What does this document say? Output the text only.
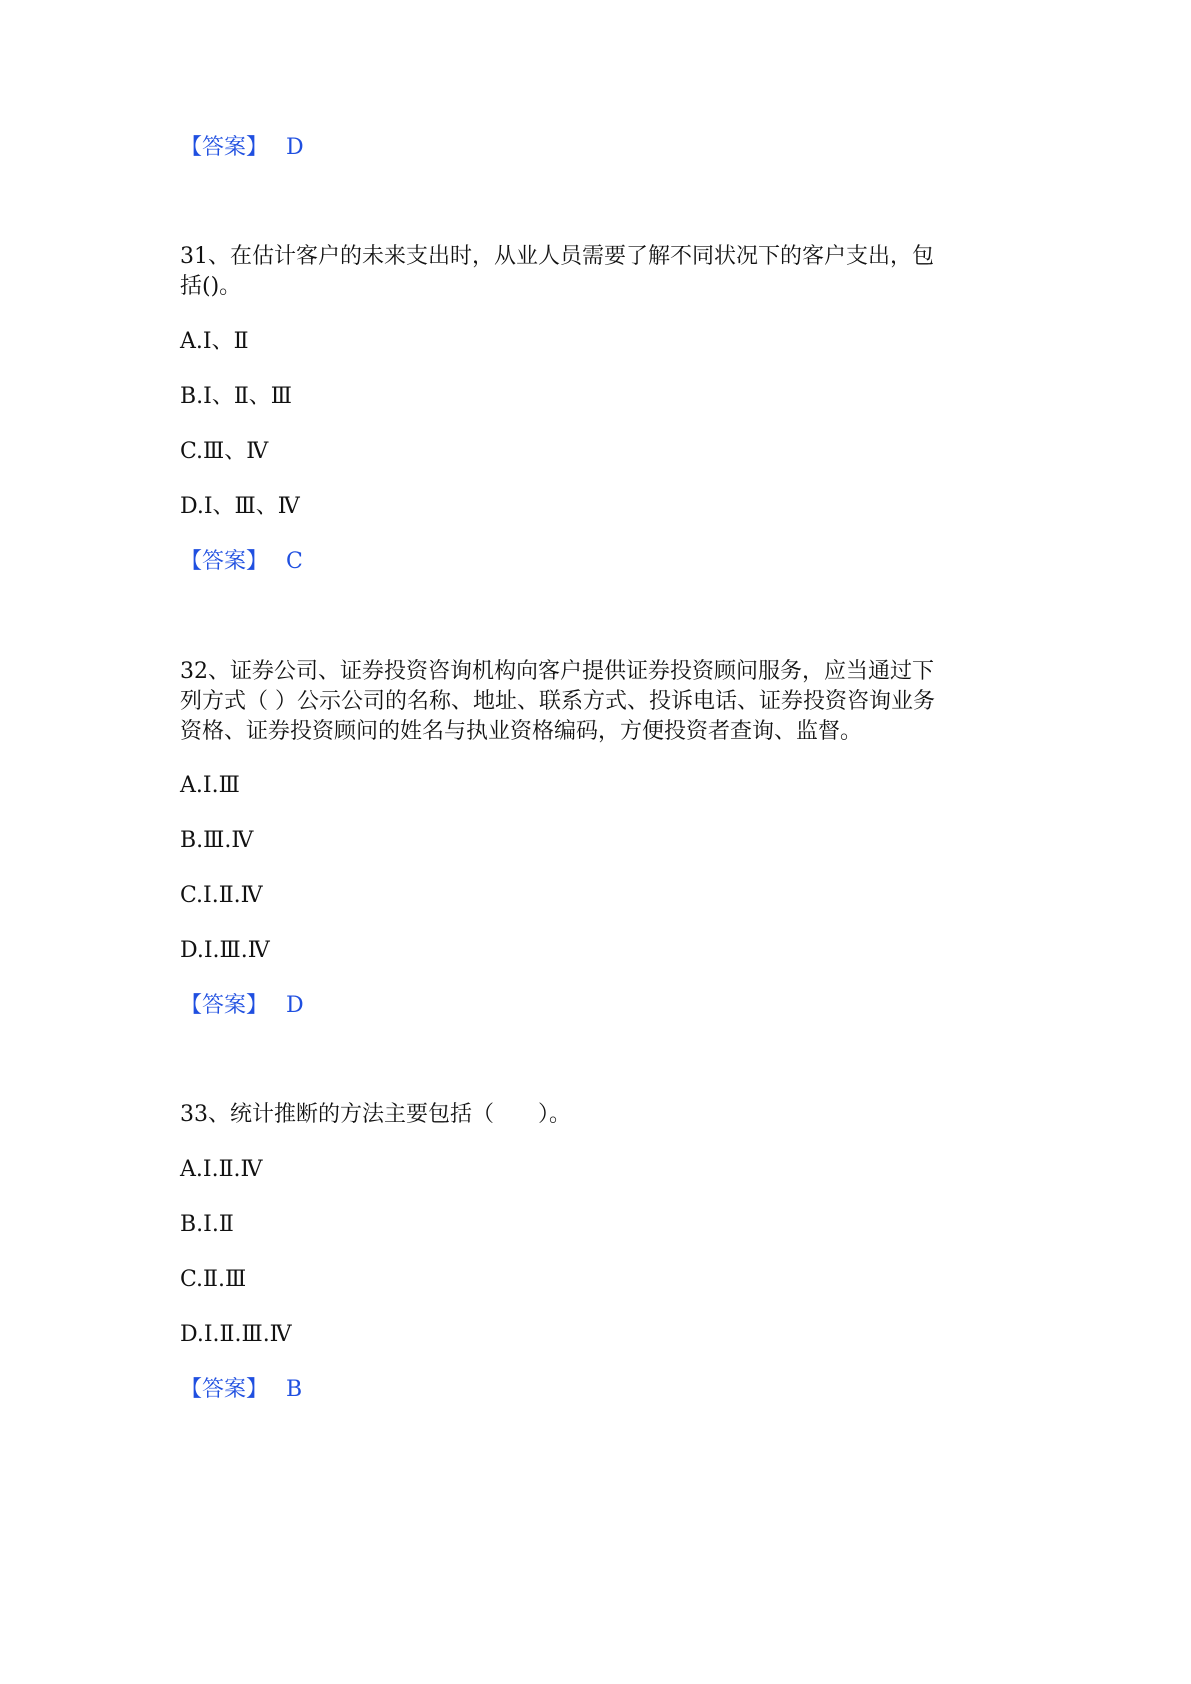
【答案】 D

31、在估计客户的未来支出时，从业人员需要了解不同状况下的客户支出，包

括()。

A.Ⅰ、Ⅱ

B.Ⅰ、Ⅱ、Ⅲ

C.Ⅲ、Ⅳ

D.Ⅰ、Ⅲ、Ⅳ

【答案】 C

32、证券公司、证券投资咨询机构向客户提供证券投资顾问服务，应当通过下

列方式（ ）公示公司的名称、地址、联系方式、投诉电话、证券投资咨询业务

资格、证券投资顾问的姓名与执业资格编码，方便投资者查询、监督。

A.Ⅰ.Ⅲ

B.Ⅲ.Ⅳ

C.Ⅰ.Ⅱ.Ⅳ

D.Ⅰ.Ⅲ.Ⅳ

【答案】 D

33、统计推断的方法主要包括（　　）。

A.Ⅰ.Ⅱ.Ⅳ

B.Ⅰ.Ⅱ

C.Ⅱ.Ⅲ

D.Ⅰ.Ⅱ.Ⅲ.Ⅳ

【答案】 B
